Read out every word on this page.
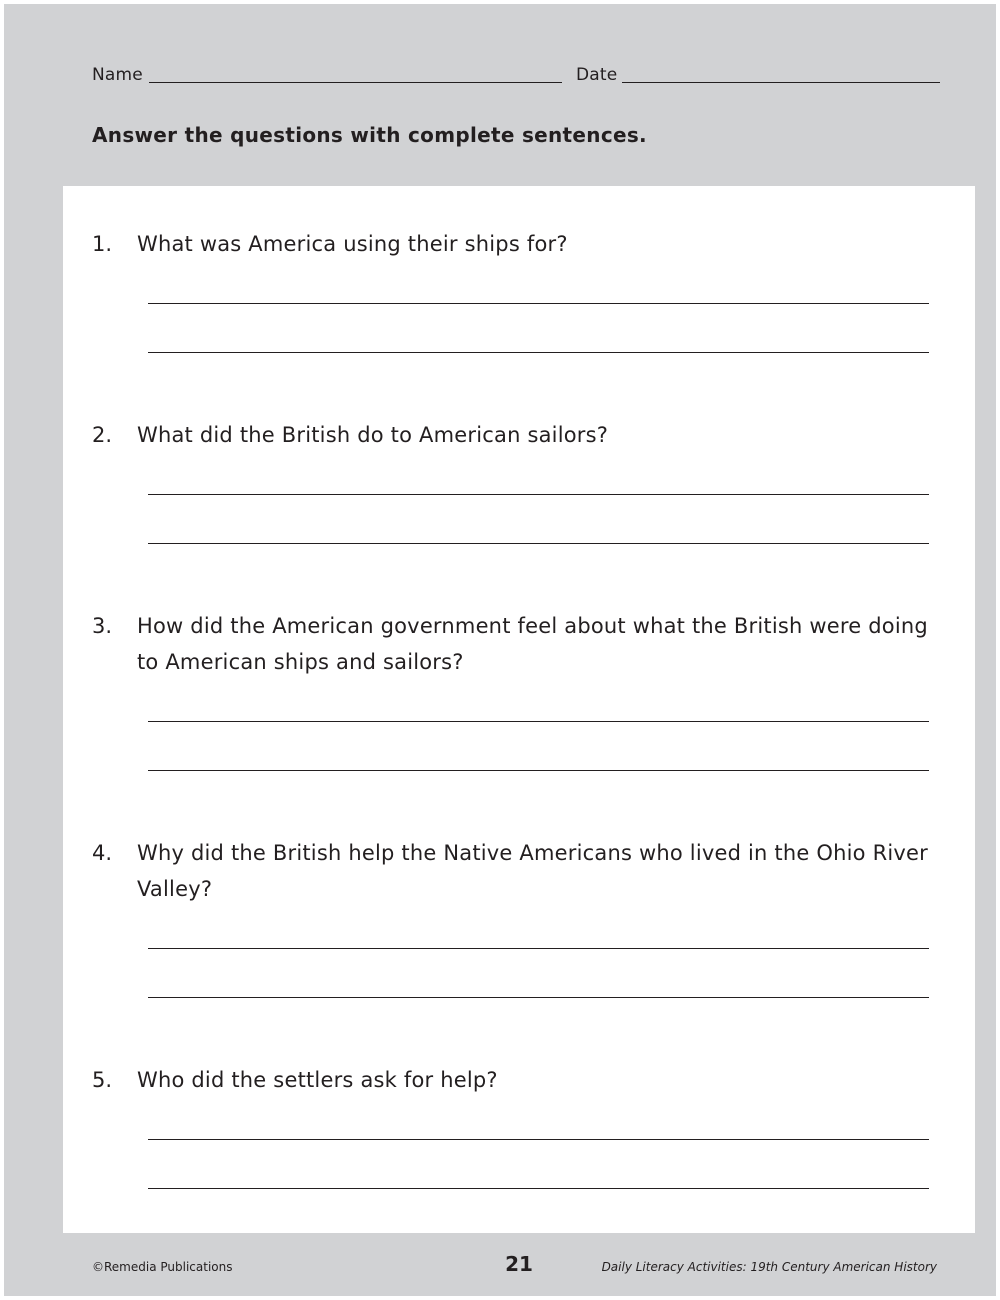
Name	Date
Answer the questions with complete sentences.
1. What was America using their ships for?
2. What did the British do to American sailors?
3. How did the American government feel about what the British were doing to American ships and sailors?
4. Why did the British help the Native Americans who lived in the Ohio River Valley?
5. Who did the settlers ask for help?
©Remedia Publications	21	Daily Literacy Activities: 19th Century American History
